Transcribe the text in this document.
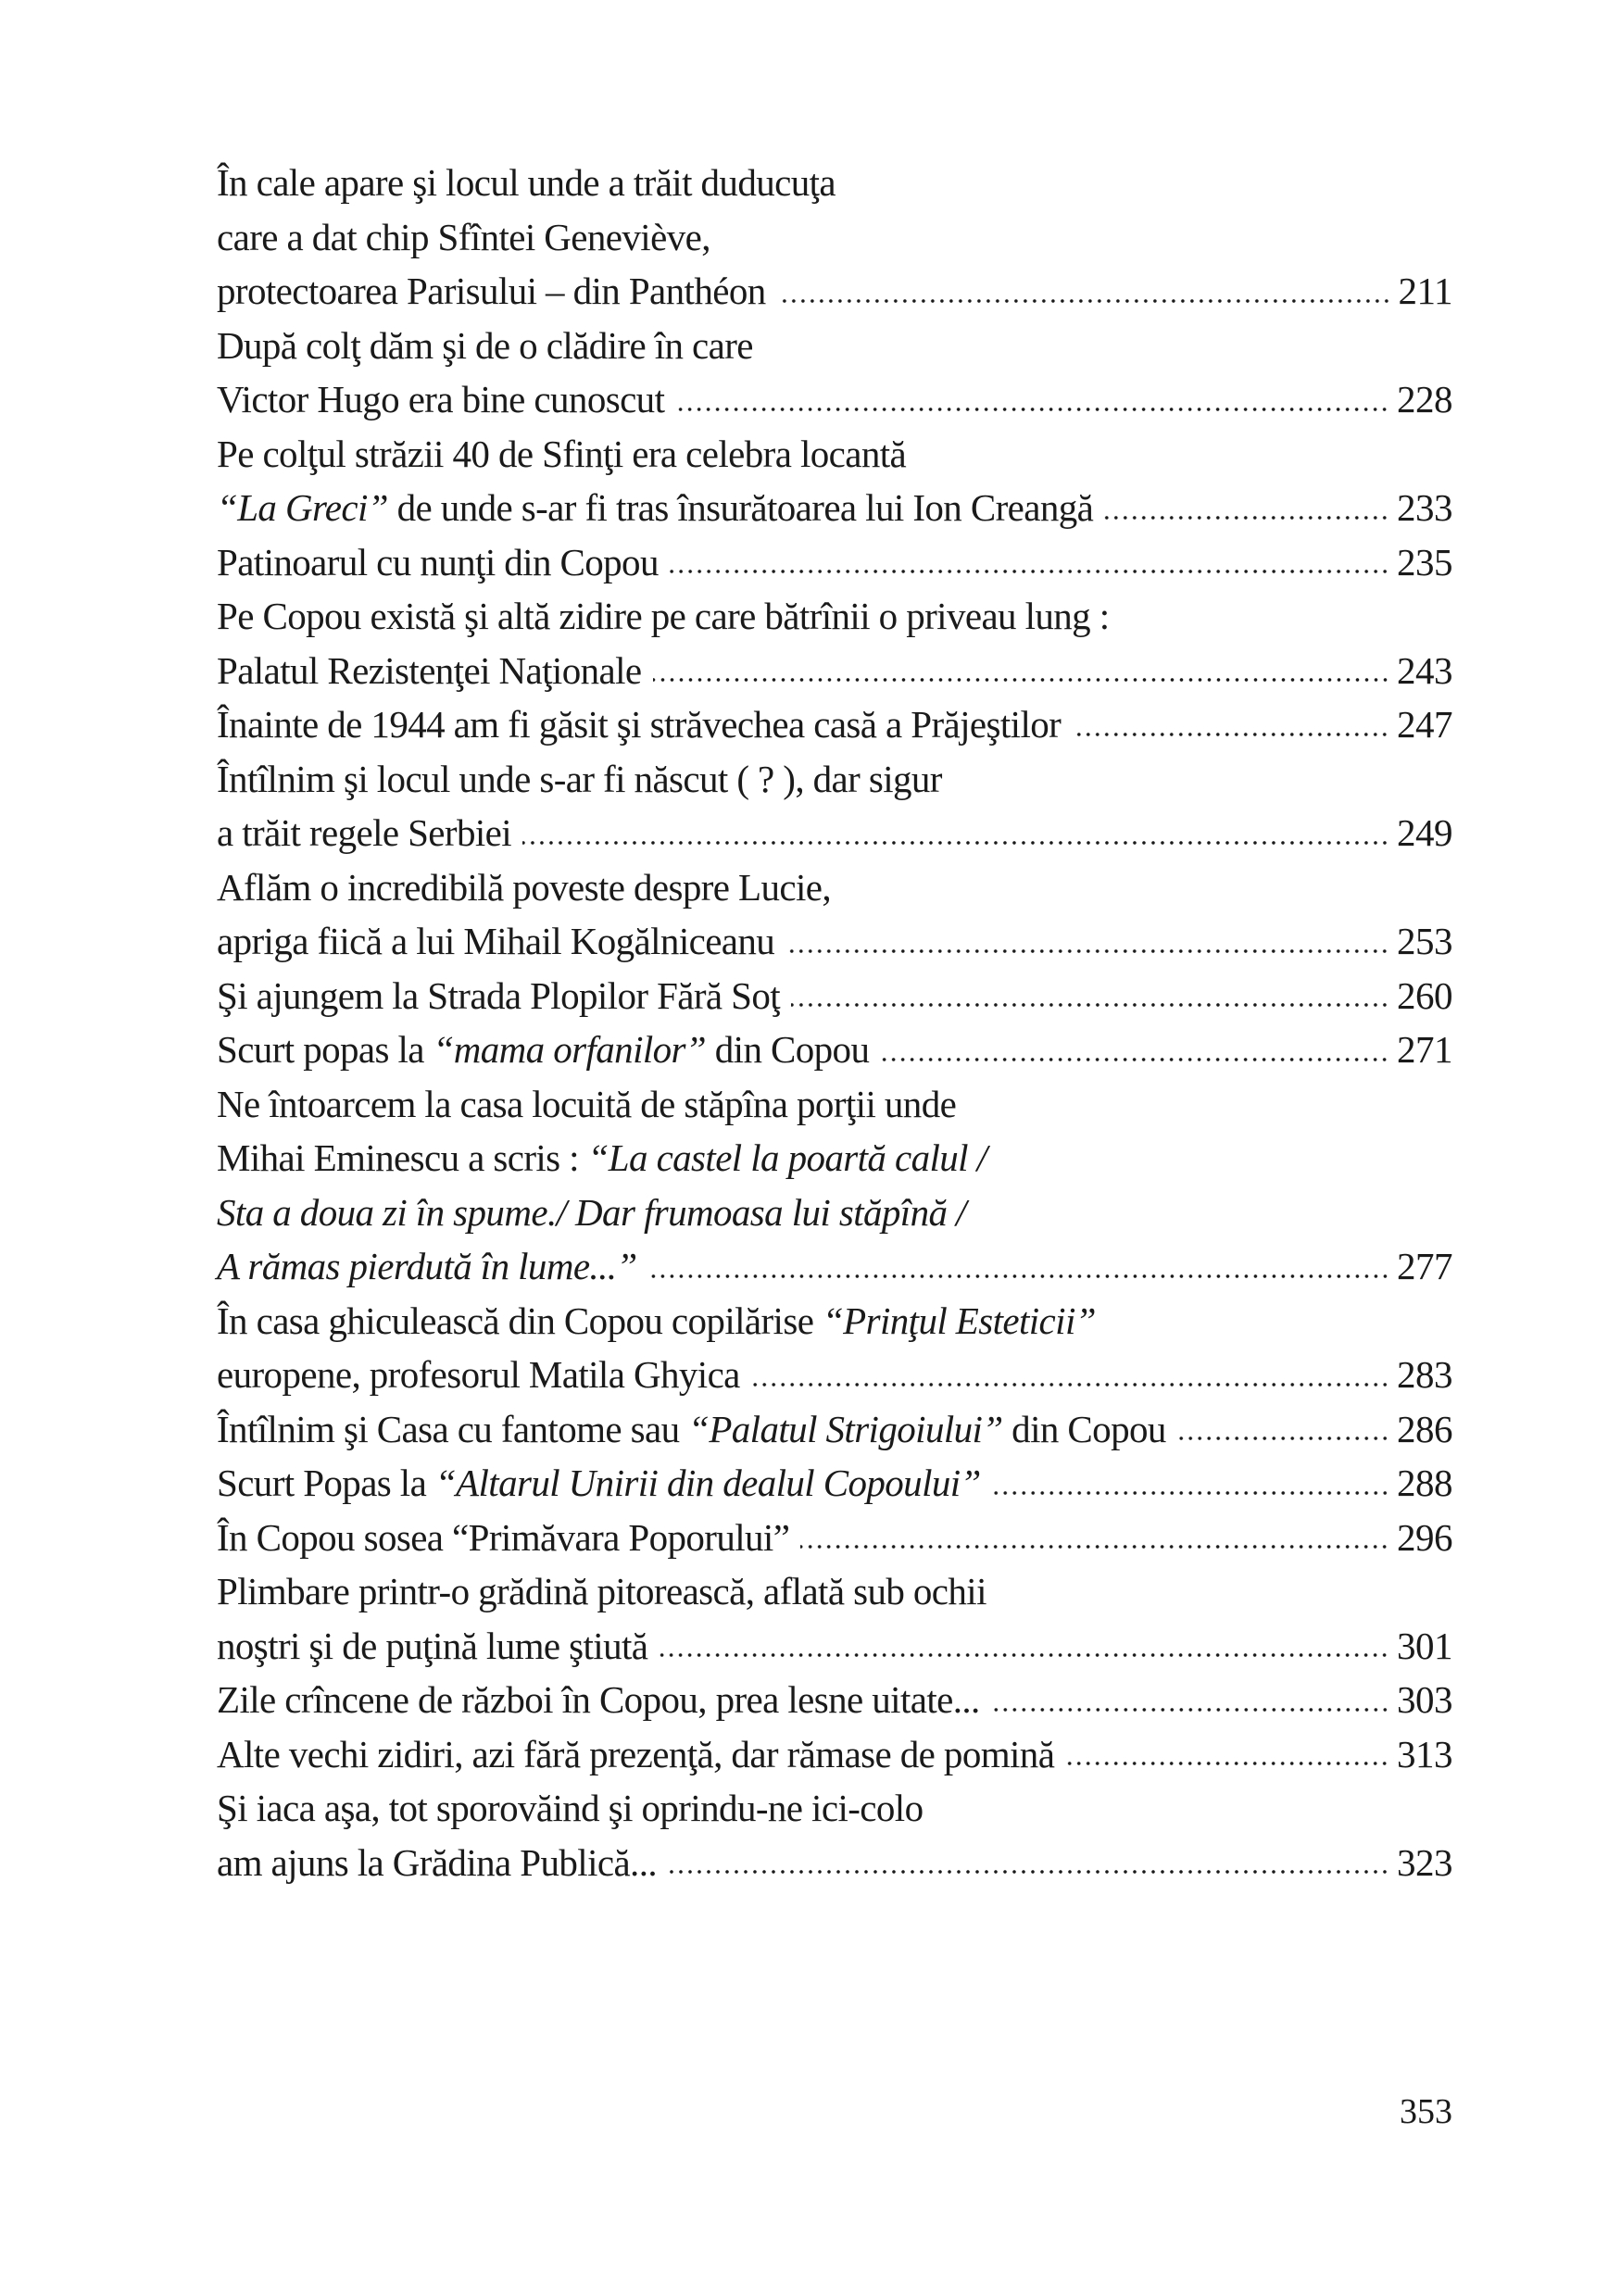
În cale apare şi locul unde a trăit duducuţa
care a dat chip Sfîntei Geneviève,
protectoarea Parisului – din Panthéon	211
După colţ dăm şi de o clădire în care
Victor Hugo era bine cunoscut	228
Pe colţul străzii 40 de Sfinţi era celebra locantă
“La Greci” de unde s-ar fi tras însurătoarea lui Ion Creangă	233
Patinoarul cu nunţi din Copou	235
Pe Copou există şi altă zidire pe care bătrînii o priveau lung :
Palatul Rezistenţei Naţionale	243
Înainte de 1944 am fi găsit şi străvechea casă a Prăjeştilor	247
Întîlnim şi locul unde s-ar fi născut ( ? ), dar sigur
a trăit regele Serbiei	249
Aflăm o incredibilă poveste despre Lucie,
apriga fiică a lui Mihail Kogălniceanu	253
Şi ajungem la Strada Plopilor Fără Soţ	260
Scurt popas la “mama orfanilor” din Copou	271
Ne întoarcem la casa locuită de stăpîna porţii unde
Mihai Eminescu a scris : “La castel la poartă calul /
Sta a doua zi în spume./ Dar frumoasa lui stăpînă /
A rămas pierdută în lume...”	277
În casa ghiculească din Copou copilărise “Prinţul Esteticii”
europene, profesorul Matila Ghyica	283
Întîlnim şi Casa cu fantome sau “Palatul Strigoiului” din Copou	286
Scurt Popas la “Altarul Unirii din dealul Copoului”	288
În Copou sosea “Primăvara Poporului”	296
Plimbare printr-o grădină pitorească, aflată sub ochii
noştri şi de puţină lume ştiută	301
Zile crîncene de război în Copou, prea lesne uitate...	303
Alte vechi zidiri, azi fără prezenţă, dar rămase de pomină	313
Şi iaca aşa, tot sporovăind şi oprindu-ne ici-colo
am ajuns la Grădina Publică...	323
353
